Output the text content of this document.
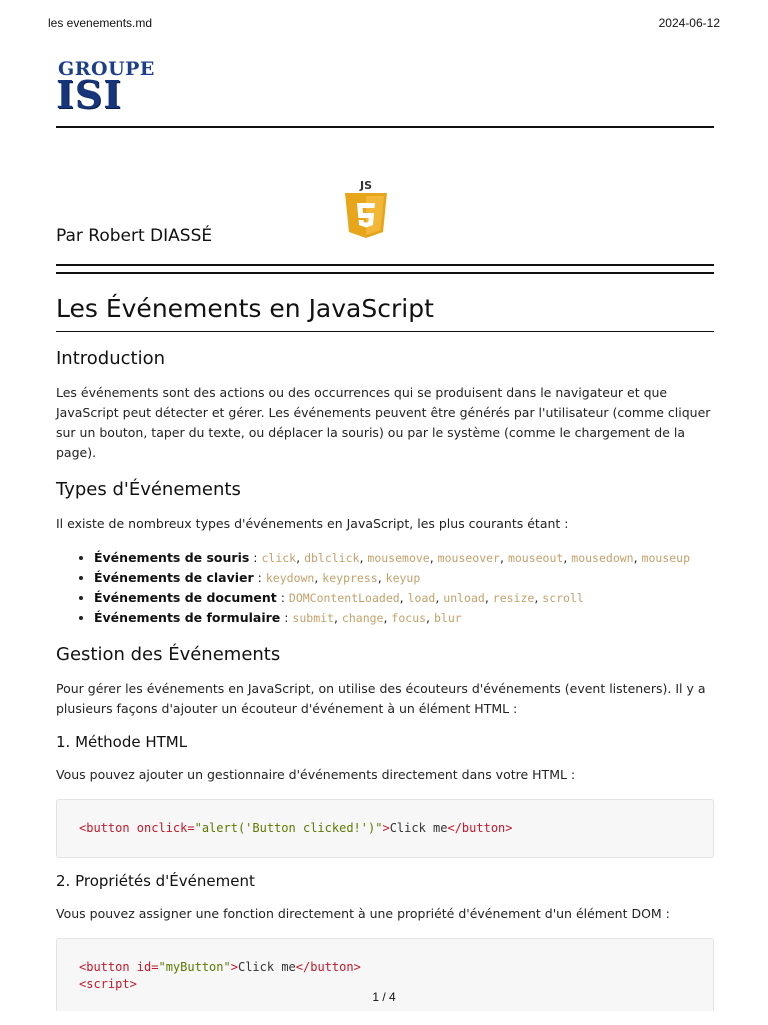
les evenements.md	2024-06-12
GROUPE
ISI
JS
Par Robert DIASSÉ
Les Événements en JavaScript
Introduction

Les événements sont des actions ou des occurrences qui se produisent dans le navigateur et que JavaScript peut détecter et gérer. Les événements peuvent être générés par l'utilisateur (comme cliquer sur un bouton, taper du texte, ou déplacer la souris) ou par le système (comme le chargement de la page).

Types d'Événements

Il existe de nombreux types d'événements en JavaScript, les plus courants étant :

• Événements de souris : click, dblclick, mousemove, mouseover, mouseout, mousedown, mouseup
• Événements de clavier : keydown, keypress, keyup
• Événements de document : DOMContentLoaded, load, unload, resize, scroll
• Événements de formulaire : submit, change, focus, blur
Gestion des Événements

Pour gérer les événements en JavaScript, on utilise des écouteurs d'événements (event listeners). Il y a plusieurs façons d'ajouter un écouteur d'événement à un élément HTML :

1. Méthode HTML

Vous pouvez ajouter un gestionnaire d'événements directement dans votre HTML :

<button onclick="alert('Button clicked!')">Click me</button>
2. Propriétés d'Événement

Vous pouvez assigner une fonction directement à une propriété d'événement d'un élément DOM :

<button id="myButton">Click me</button>
<script>
1 / 4
